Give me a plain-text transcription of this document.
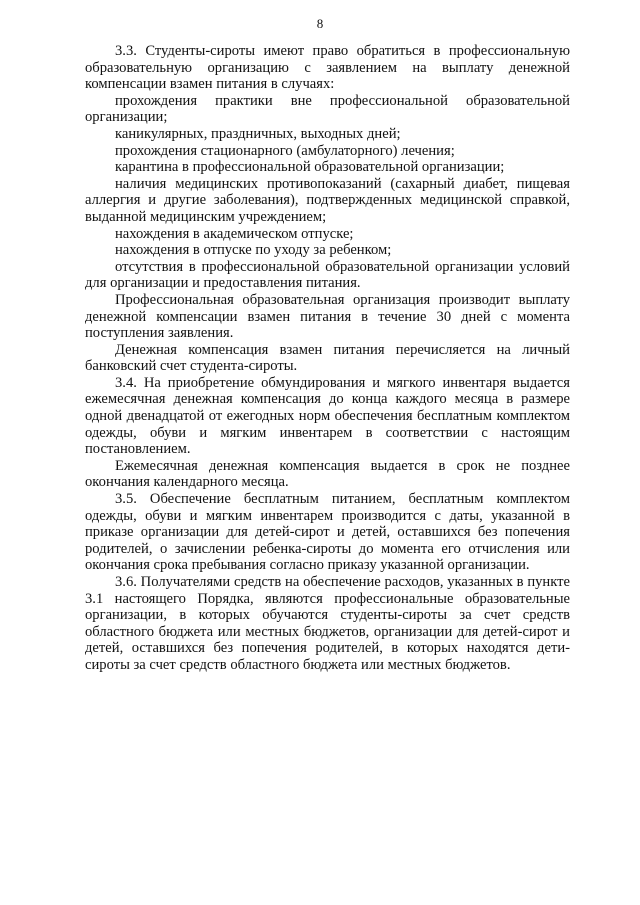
8

3.3. Студенты-сироты имеют право обратиться в профессиональную образовательную организацию с заявлением на выплату денежной компенсации взамен питания в случаях:

прохождения практики вне профессиональной образовательной организации;

каникулярных, праздничных, выходных дней;

прохождения стационарного (амбулаторного) лечения;

карантина в профессиональной образовательной организации;

наличия медицинских противопоказаний (сахарный диабет, пищевая аллергия и другие заболевания), подтвержденных медицинской справкой, выданной медицинским учреждением;

нахождения в академическом отпуске;

нахождения в отпуске по уходу за ребенком;

отсутствия в профессиональной образовательной организации условий для организации и предоставления питания.

Профессиональная образовательная организация производит выплату денежной компенсации взамен питания в течение 30 дней с момента поступления заявления.

Денежная компенсация взамен питания перечисляется на личный банковский счет студента-сироты.

3.4. На приобретение обмундирования и мягкого инвентаря выдается ежемесячная денежная компенсация до конца каждого месяца в размере одной двенадцатой от ежегодных норм обеспечения бесплатным комплектом одежды, обуви и мягким инвентарем в соответствии с настоящим постановлением.

Ежемесячная денежная компенсация выдается в срок не позднее окончания календарного месяца.

3.5. Обеспечение бесплатным питанием, бесплатным комплектом одежды, обуви и мягким инвентарем производится с даты, указанной в приказе организации для детей-сирот и детей, оставшихся без попечения родителей, о зачислении ребенка-сироты до момента его отчисления или окончания срока пребывания согласно приказу указанной организации.

3.6. Получателями средств на обеспечение расходов, указанных в пункте 3.1 настоящего Порядка, являются профессиональные образовательные организации, в которых обучаются студенты-сироты за счет средств областного бюджета или местных бюджетов, организации для детей-сирот и детей, оставшихся без попечения родителей, в которых находятся дети-сироты за счет средств областного бюджета или местных бюджетов.
